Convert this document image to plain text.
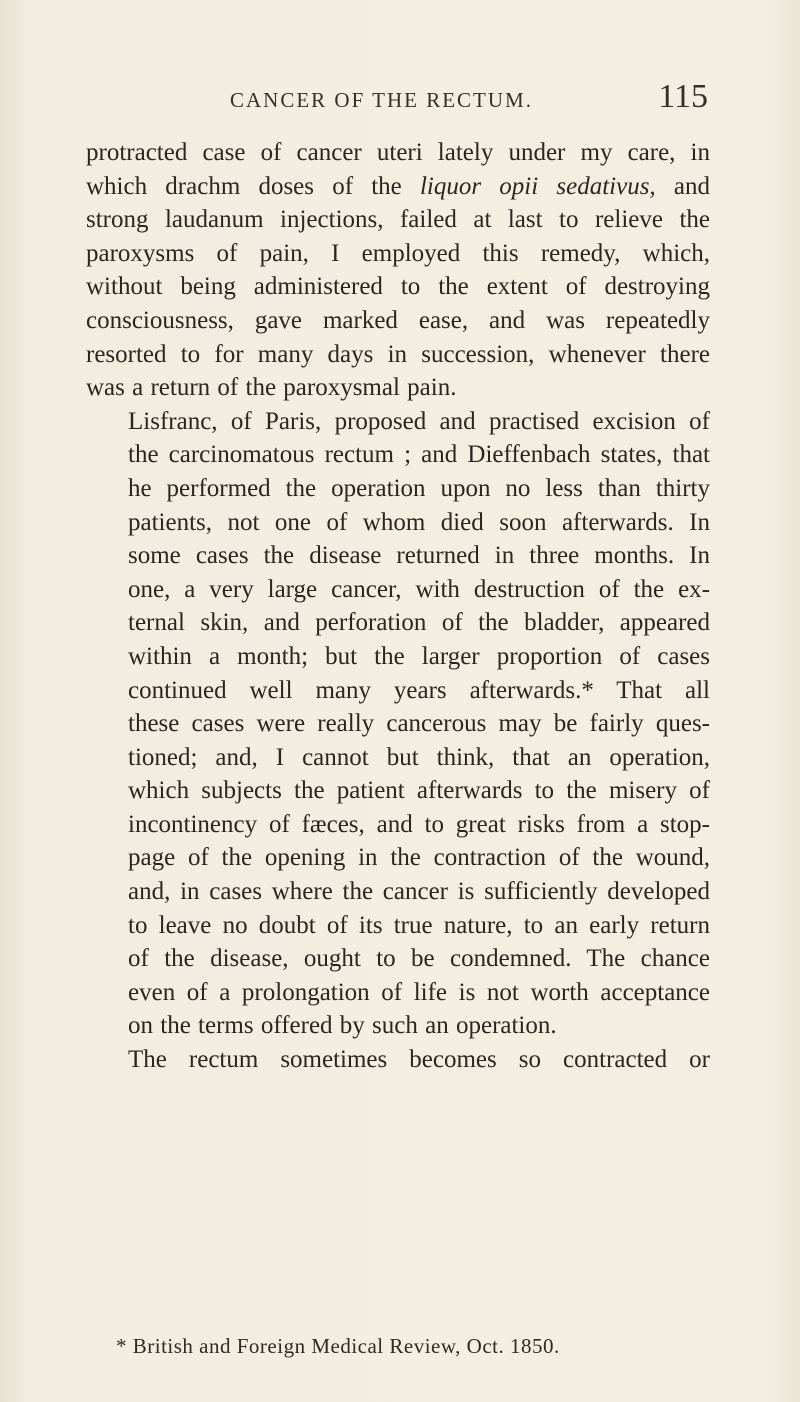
CANCER OF THE RECTUM.	115

protracted case of cancer uteri lately under my care, in
which drachm doses of the liquor opii sedativus, and
strong laudanum injections, failed at last to relieve the
paroxysms of pain, I employed this remedy, which,
without being administered to the extent of destroying
consciousness, gave marked ease, and was repeatedly
resorted to for many days in succession, whenever there
was a return of the paroxysmal pain.

Lisfranc, of Paris, proposed and practised excision of
the carcinomatous rectum ; and Dieffenbach states, that
he performed the operation upon no less than thirty
patients, not one of whom died soon afterwards. In
some cases the disease returned in three months. In
one, a very large cancer, with destruction of the ex-
ternal skin, and perforation of the bladder, appeared
within a month; but the larger proportion of cases
continued well many years afterwards.* That all
these cases were really cancerous may be fairly ques-
tioned; and, I cannot but think, that an operation,
which subjects the patient afterwards to the misery of
incontinency of fæces, and to great risks from a stop-
page of the opening in the contraction of the wound,
and, in cases where the cancer is sufficiently developed
to leave no doubt of its true nature, to an early return
of the disease, ought to be condemned. The chance
even of a prolongation of life is not worth acceptance
on the terms offered by such an operation.

The rectum sometimes becomes so contracted or

* British and Foreign Medical Review, Oct. 1850.
